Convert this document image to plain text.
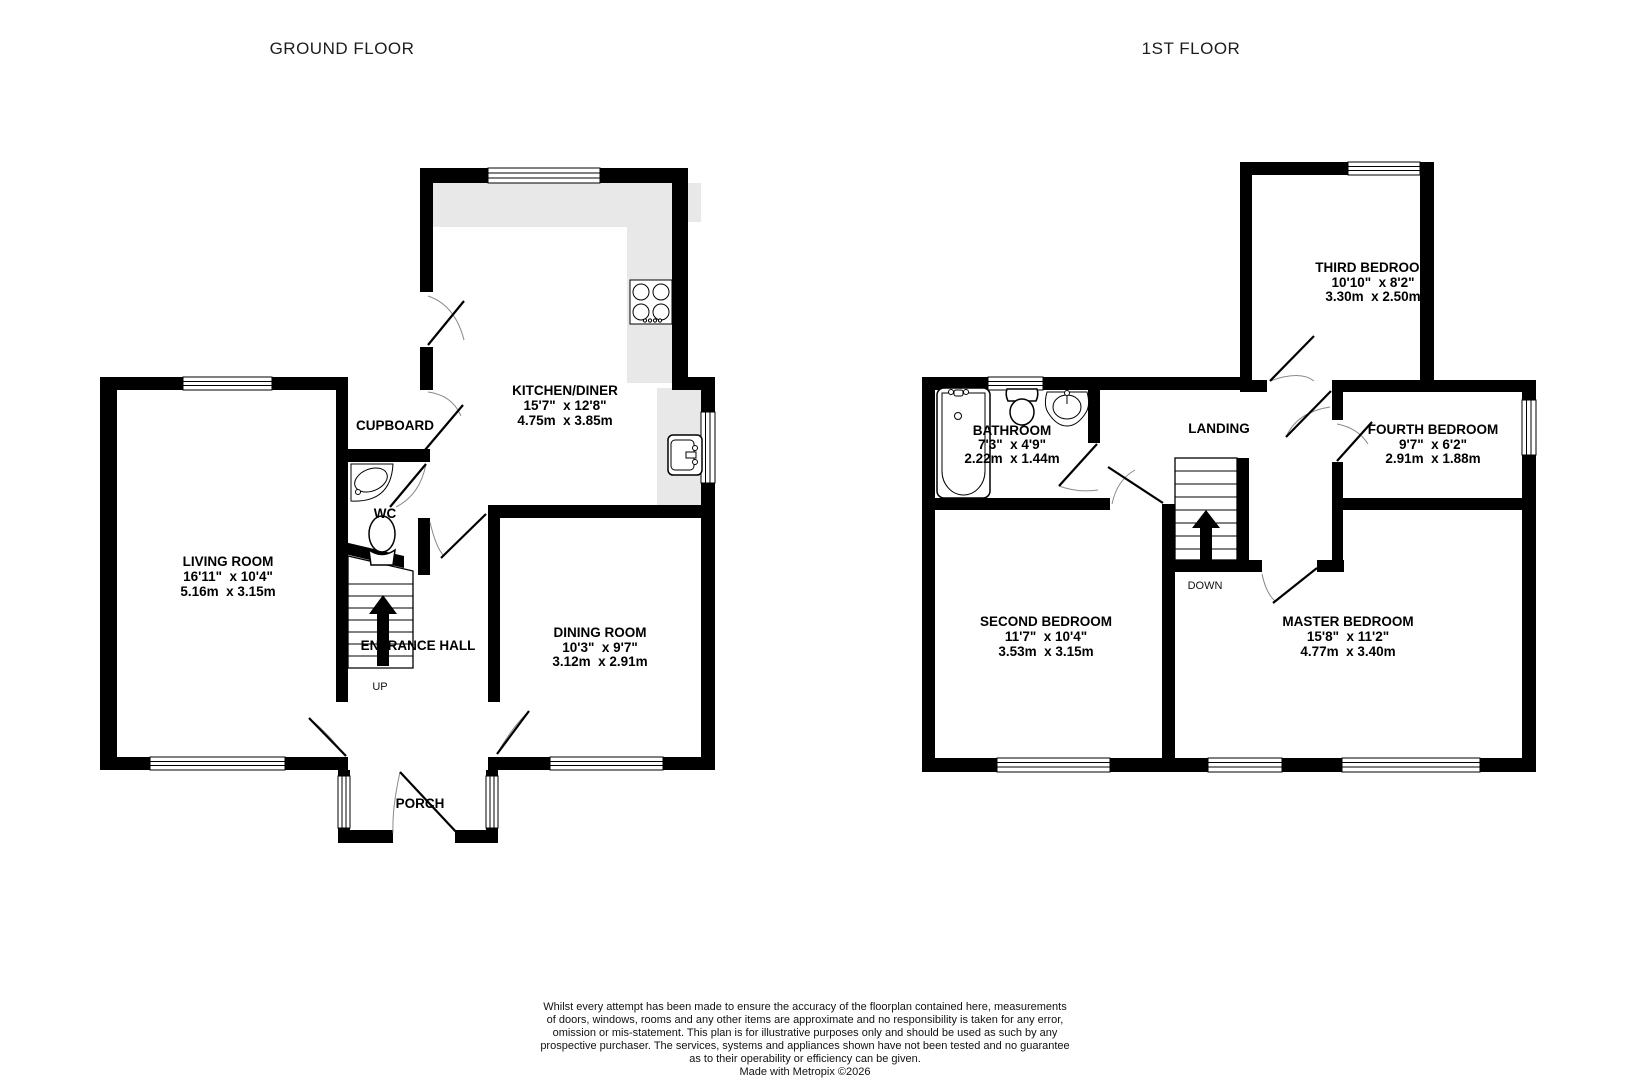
GROUND FLOOR
KITCHEN/DINER
15'7"  x 12'8"
4.75m  x 3.85m
LIVING ROOM
16'11"  x 10'4"
5.16m  x 3.15m
DINING ROOM
10'3"  x 9'7"
3.12m  x 2.91m
CUPBOARD
WC
ENTRANCE HALL
UP
PORCH
1ST FLOOR
THIRD BEDROOM
10'10"  x 8'2"
3.30m  x 2.50m
BATHROOM
7'3"  x 4'9"
2.22m  x 1.44m
LANDING
DOWN
FOURTH BEDROOM
9'7"  x 6'2"
2.91m  x 1.88m
SECOND BEDROOM
11'7"  x 10'4"
3.53m  x 3.15m
MASTER BEDROOM
15'8"  x 11'2"
4.77m  x 3.40m
Whilst every attempt has been made to ensure the accuracy of the floorplan contained here, measurements
of doors, windows, rooms and any other items are approximate and no responsibility is taken for any error,
omission or mis-statement. This plan is for illustrative purposes only and should be used as such by any
prospective purchaser. The services, systems and appliances shown have not been tested and no guarantee
as to their operability or efficiency can be given.
Made with Metropix ©2026
